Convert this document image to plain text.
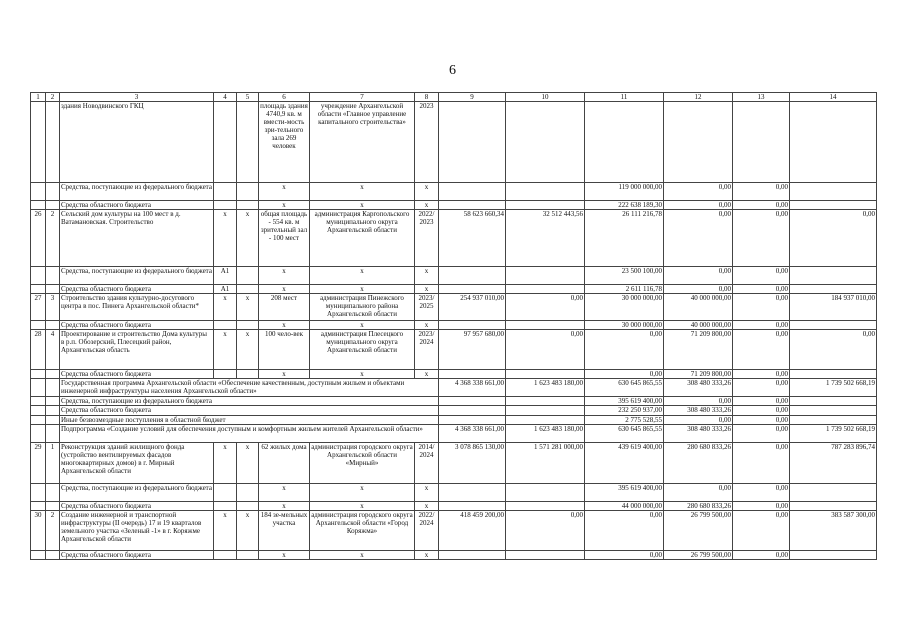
6
1	2	3	4	5	6	7	8	9	10	11	12	13	14
		здания Новодвинского ГКЦ			площадь здания 4740,9 кв. м вмести-мость зри-тельного зала 269 человек	учреждение Архангельской области «Главное управление капитального строительства»	2023						
		Средства, поступающие из федерального бюджета			х	х	х			119 000 000,00	0,00	0,00	
		Средства областного бюджета			х	х	х			222 638 189,30	0,00	0,00	
26	2	Сельский дом культуры на 100 мест в д. Ватамановская. Строительство	х	х	общая площадь - 554 кв. м зрительный зал - 100 мест	администрация Каргопольского муниципального округа Архангельской области	2022/ 2023	58 623 660,34	32 512 443,56	26 111 216,78	0,00	0,00	0,00
		Средства, поступающие из федерального бюджета	А1		х	х	х			23 500 100,00	0,00	0,00	
		Средства областного бюджета	А1		х	х	х			2 611 116,78	0,00	0,00	
27	3	Строительство здания культурно-досугового центра в пос. Пинега Архангельской области*	х	х	208 мест	администрация Пинежского муниципального района Архангельской области	2023/ 2025	254 937 010,00	0,00	30 000 000,00	40 000 000,00	0,00	184 937 010,00
		Средства областного бюджета			х	х	х			30 000 000,00	40 000 000,00	0,00	
28	4	Проектирование и строительство Дома культуры в р.п. Обозерский, Плесецкий район, Архангельская область	х	х	100 чело-век	администрация Плесецкого муниципального округа Архангельской области	2023/ 2024	97 957 680,00	0,00	0,00	71 209 800,00	0,00	0,00
		Средства областного бюджета			х	х	х			0,00	71 209 800,00	0,00	
		Государственная программа Архангельской области «Обеспечение качественным, доступным жильем и объектами инженерной инфраструктуры населения Архангельской области»						4 368 338 661,00	1 623 483 180,00	630 645 865,55	308 480 333,26	0,00	1 739 502 668,19
		Средства, поступающие из федерального бюджета								395 619 400,00	0,00	0,00	
		Средства областного бюджета								232 250 937,00	308 480 333,26	0,00	
		Иные безвозмездные поступления в областной бюджет								2 775 528,55	0,00	0,00	
		Подпрограмма «Создание условий для обеспечения доступным и комфортным жильем жителей Архангельской области»						4 368 338 661,00	1 623 483 180,00	630 645 865,55	308 480 333,26	0,00	1 739 502 668,19
29	1	Реконструкция зданий жилищного фонда (устройство вентилируемых фасадов многоквартирных домов) в г. Мирный Архангельской области	х	х	62 жилых дома	администрация городского округа Архангельской области «Мирный»	2014/ 2024	3 078 865 130,00	1 571 281 000,00	439 619 400,00	280 680 833,26	0,00	787 283 896,74
		Средства, поступающие из федерального бюджета			х	х	х			395 619 400,00	0,00	0,00	
		Средства областного бюджета			х	х	х			44 000 000,00	280 680 833,26	0,00	
30	2	Создание инженерной и транспортной инфраструктуры (II очередь) 17 и 19 кварталов земельного участка «Зеленый -1» в г. Коряжме Архангельской области	х	х	184 зе-мельных участка	администрация городского округа Архангельской области «Город Коряжма»	2022/ 2024	418 459 200,00	0,00	0,00	26 799 500,00	0,00	383 587 300,00
		Средства областного бюджета			х	х	х			0,00	26 799 500,00	0,00	
